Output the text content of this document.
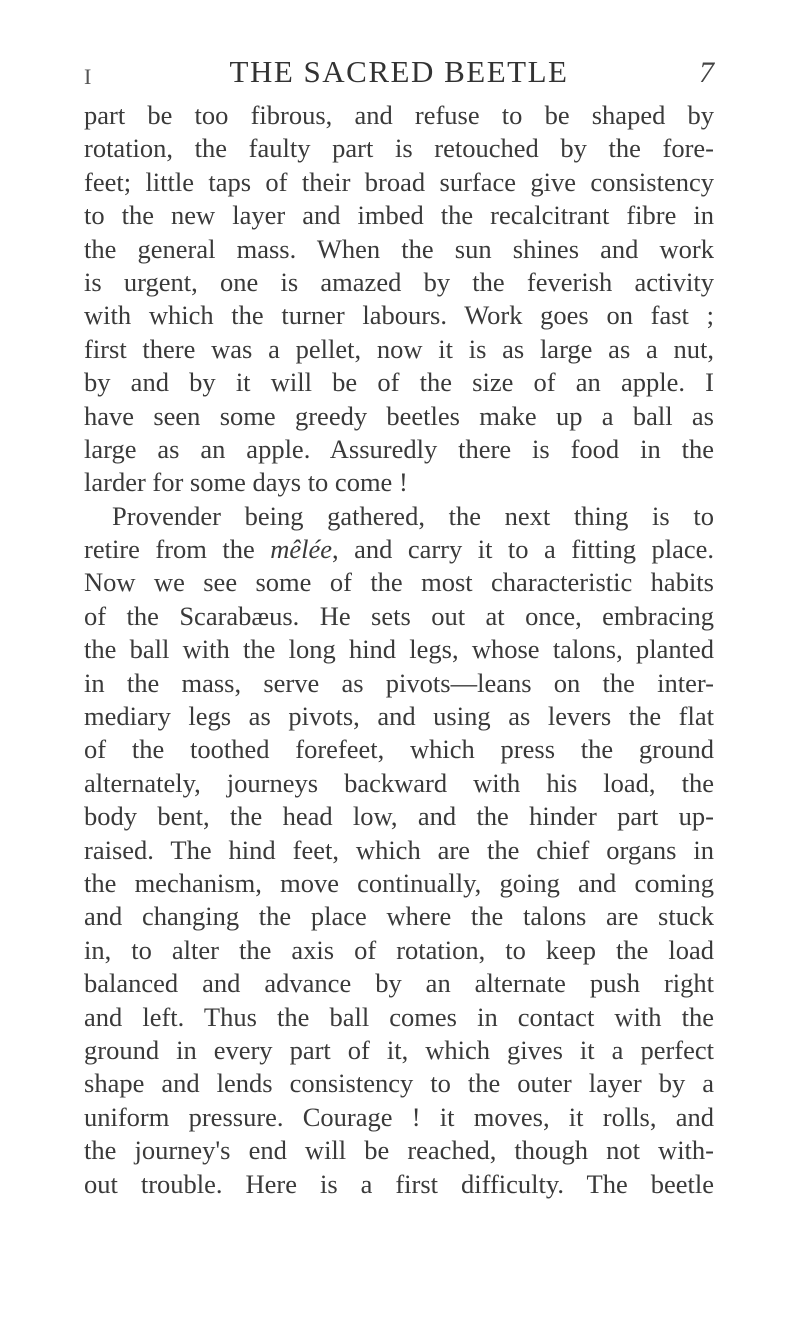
I	THE SACRED BEETLE	7
part be too fibrous, and refuse to be shaped by
rotation, the faulty part is retouched by the fore-
feet; little taps of their broad surface give consistency
to the new layer and imbed the recalcitrant fibre in
the general mass. When the sun shines and work
is urgent, one is amazed by the feverish activity
with which the turner labours. Work goes on fast ;
first there was a pellet, now it is as large as a nut,
by and by it will be of the size of an apple. I
have seen some greedy beetles make up a ball as
large as an apple. Assuredly there is food in the
larder for some days to come !
Provender being gathered, the next thing is to
retire from the mêlée, and carry it to a fitting place.
Now we see some of the most characteristic habits
of the Scarabæus. He sets out at once, embracing
the ball with the long hind legs, whose talons, planted
in the mass, serve as pivots—leans on the inter-
mediary legs as pivots, and using as levers the flat
of the toothed forefeet, which press the ground
alternately, journeys backward with his load, the
body bent, the head low, and the hinder part up-
raised. The hind feet, which are the chief organs in
the mechanism, move continually, going and coming
and changing the place where the talons are stuck
in, to alter the axis of rotation, to keep the load
balanced and advance by an alternate push right
and left. Thus the ball comes in contact with the
ground in every part of it, which gives it a perfect
shape and lends consistency to the outer layer by a
uniform pressure. Courage ! it moves, it rolls, and
the journey's end will be reached, though not with-
out trouble. Here is a first difficulty. The beetle
